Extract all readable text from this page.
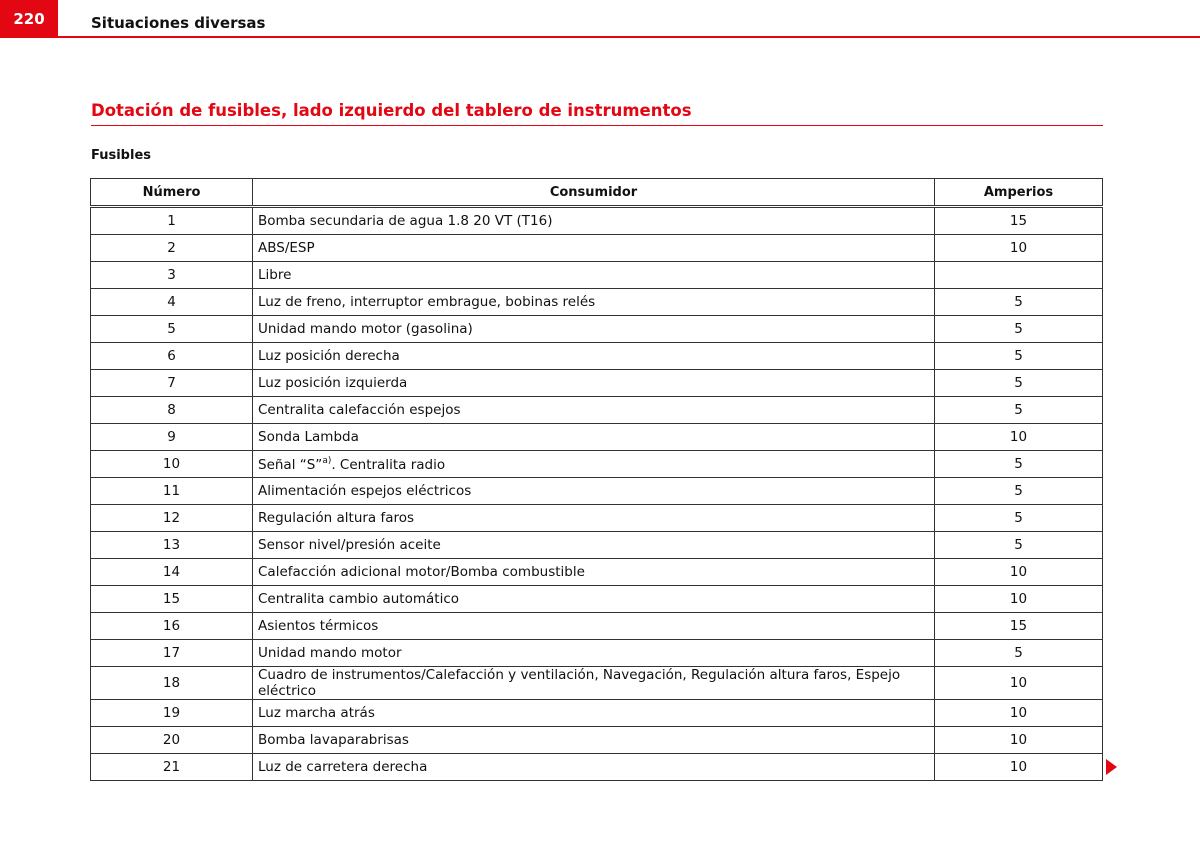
220	Situaciones diversas
Dotación de fusibles, lado izquierdo del tablero de instrumentos
Fusibles
Número	Consumidor	Amperios
1	Bomba secundaria de agua 1.8 20 VT (T16)	15
2	ABS/ESP	10
3	Libre	
4	Luz de freno, interruptor embrague, bobinas relés	5
5	Unidad mando motor (gasolina)	5
6	Luz posición derecha	5
7	Luz posición izquierda	5
8	Centralita calefacción espejos	5
9	Sonda Lambda	10
10	Señal “S”$^{a)}$. Centralita radio	5
11	Alimentación espejos eléctricos	5
12	Regulación altura faros	5
13	Sensor nivel/presión aceite	5
14	Calefacción adicional motor/Bomba combustible	10
15	Centralita cambio automático	10
16	Asientos térmicos	15
17	Unidad mando motor	5
18	Cuadro de instrumentos/Calefacción y ventilación, Navegación, Regulación altura faros, Espejo eléctrico	10
19	Luz marcha atrás	10
20	Bomba lavaparabrisas	10
21	Luz de carretera derecha	10
